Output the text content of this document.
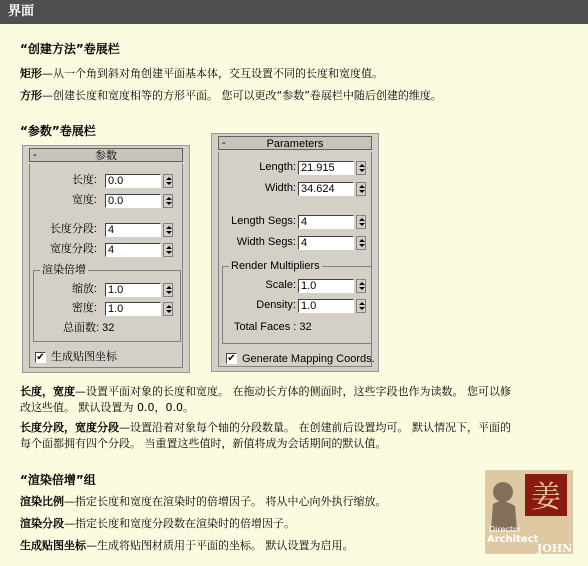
界面
“创建方法”卷展栏
矩形—从一个角到斜对角创建平面基本体，交互设置不同的长度和宽度值。
方形—创建长度和宽度相等的方形平面。 您可以更改“参数”卷展栏中随后创建的维度。
“参数”卷展栏
-	参数
长度: 0.0
宽度: 0.0
长度分段: 4
宽度分段: 4
渲染倍增
缩放: 1.0
密度: 1.0
总面数: 32
✔ 生成贴图坐标
-	Parameters
Length: 21.915
Width: 34.624
Length Segs: 4
Width Segs: 4
Render Multipliers
Scale: 1.0
Density: 1.0
Total Faces : 32
✔ Generate Mapping Coords.
长度，宽度—设置平面对象的长度和宽度。 在拖动长方体的侧面时，这些字段也作为读数。 您可以修
改这些值。 默认设置为 0.0，0.0。
长度分段，宽度分段—设置沿着对象每个轴的分段数量。 在创建前后设置均可。 默认情况下，平面的
每个面都拥有四个分段。 当重置这些值时，新值将成为会话期间的默认值。
“渲染倍增”组
渲染比例—指定长度和宽度在渲染时的倍增因子。 将从中心向外执行缩放。
渲染分段—指定长度和宽度分段数在渲染时的倍增因子。
生成贴图坐标—生成将贴图材质用于平面的坐标。 默认设置为启用。
姜
Director
Architect
JOHN
